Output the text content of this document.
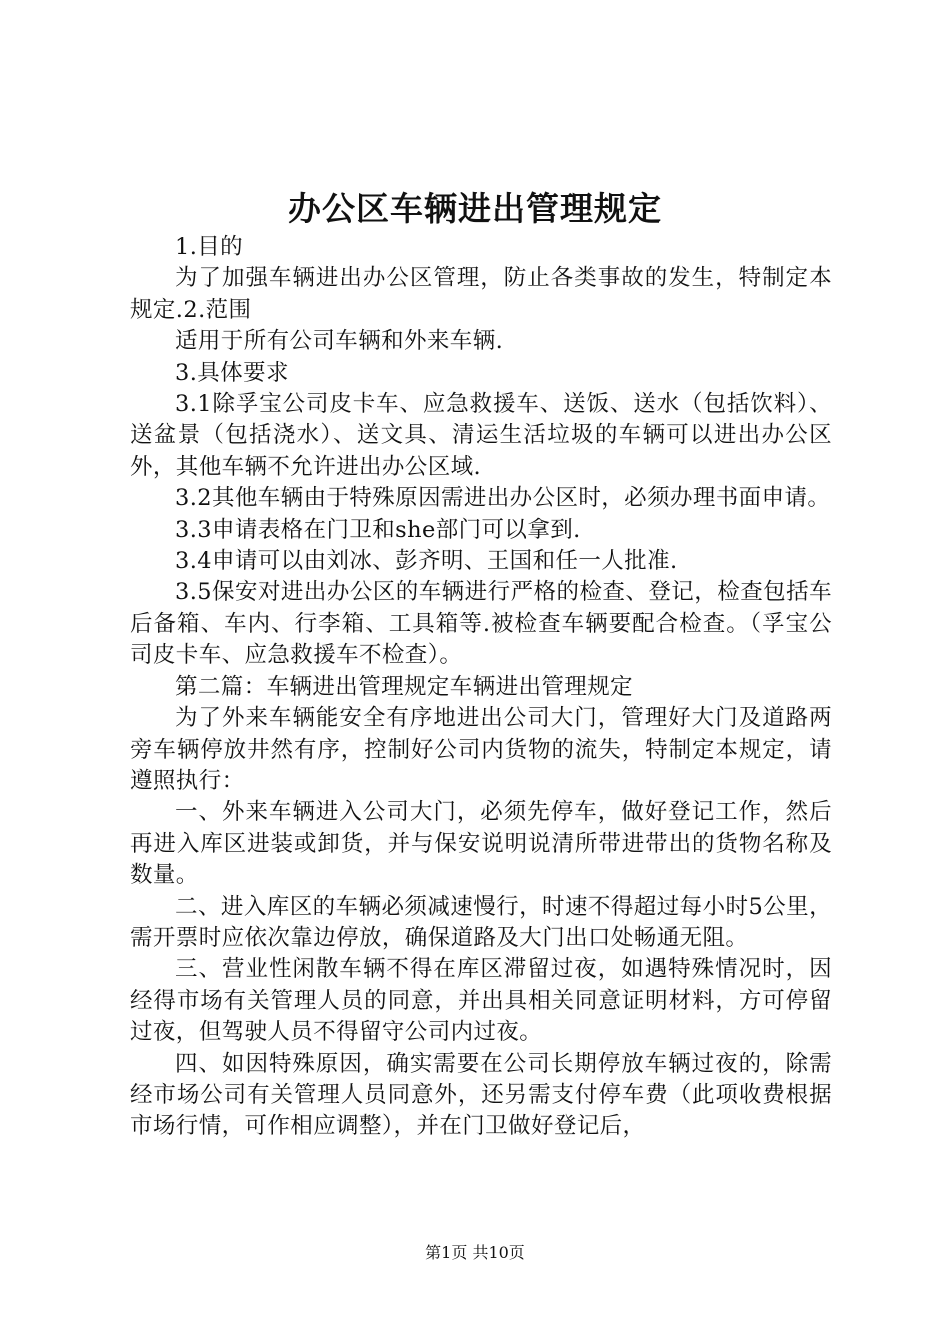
办公区车辆进出管理规定

1.目的

为了加强车辆进出办公区管理，防止各类事故的发生，特制定本规定.2.范围

适用于所有公司车辆和外来车辆.

3.具体要求

3.1除孚宝公司皮卡车、应急救援车、送饭、送水（包括饮料）、送盆景（包括浇水）、送文具、清运生活垃圾的车辆可以进出办公区外，其他车辆不允许进出办公区域.

3.2其他车辆由于特殊原因需进出办公区时，必须办理书面申请。

3.3申请表格在门卫和she部门可以拿到.

3.4申请可以由刘冰、彭齐明、王国和任一人批准.

3.5保安对进出办公区的车辆进行严格的检查、登记，检查包括车后备箱、车内、行李箱、工具箱等.被检查车辆要配合检查。（孚宝公司皮卡车、应急救援车不检查）。

第二篇：车辆进出管理规定车辆进出管理规定

为了外来车辆能安全有序地进出公司大门，管理好大门及道路两旁车辆停放井然有序，控制好公司内货物的流失，特制定本规定，请遵照执行：

一、外来车辆进入公司大门，必须先停车，做好登记工作，然后再进入库区进装或卸货，并与保安说明说清所带进带出的货物名称及数量。

二、进入库区的车辆必须减速慢行，时速不得超过每小时5公里，需开票时应依次靠边停放，确保道路及大门出口处畅通无阻。

三、营业性闲散车辆不得在库区滞留过夜，如遇特殊情况时，因经得市场有关管理人员的同意，并出具相关同意证明材料，方可停留过夜，但驾驶人员不得留守公司内过夜。

四、如因特殊原因，确实需要在公司长期停放车辆过夜的，除需经市场公司有关管理人员同意外，还另需支付停车费（此项收费根据市场行情，可作相应调整），并在门卫做好登记后，

第1页 共10页
